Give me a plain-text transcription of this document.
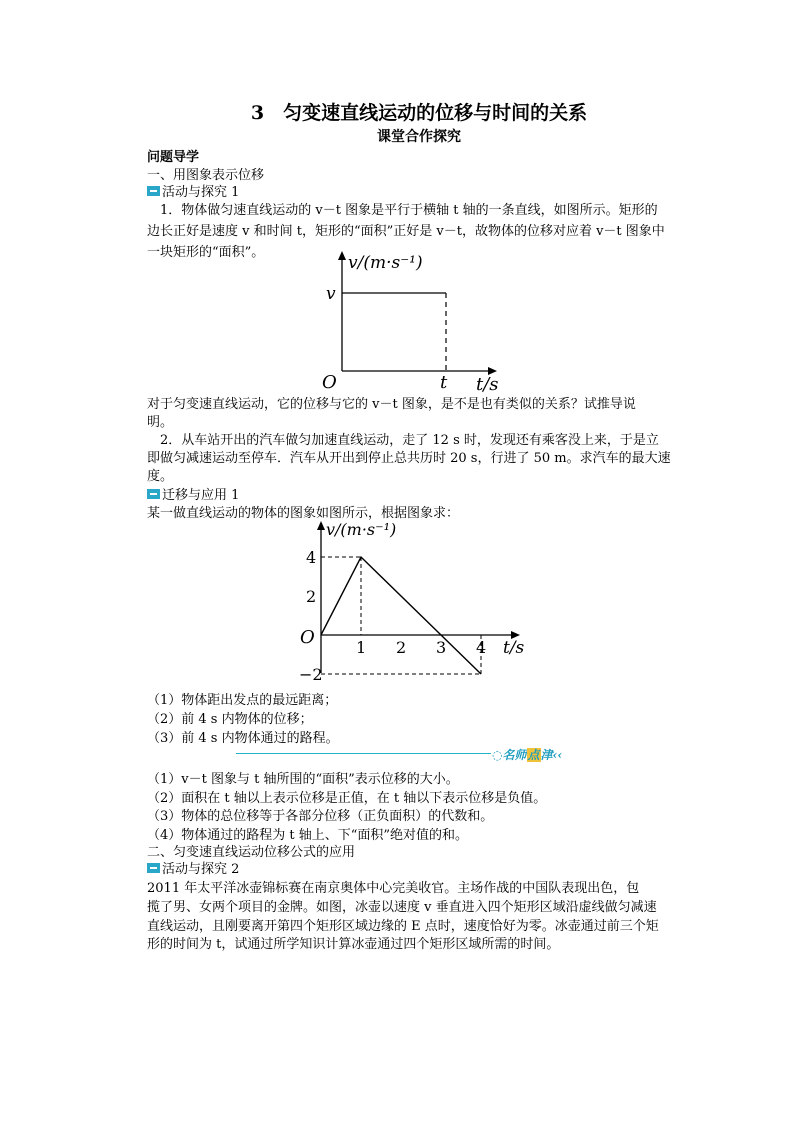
3　匀变速直线运动的位移与时间的关系
课堂合作探究
问题导学
一、用图象表示位移
活动与探究 1
1．物体做匀速直线运动的 v－t 图象是平行于横轴 t 轴的一条直线，如图所示。矩形的
边长正好是速度 v 和时间 t，矩形的“面积”正好是 v－t，故物体的位移对应着 v－t 图象中
一块矩形的“面积”。
v/(m·s⁻¹)
v
O	t t/s
对于匀变速直线运动，它的位移与它的 v－t 图象，是不是也有类似的关系？试推导说
明。
2．从车站开出的汽车做匀加速直线运动，走了 12 s 时，发现还有乘客没上来，于是立
即做匀减速运动至停车．汽车从开出到停止总共历时 20 s，行进了 50 m。求汽车的最大速
度。
迁移与应用 1
某一做直线运动的物体的图象如图所示，根据图象求：
v/(m·s⁻¹)
t/s
O	1 2 3 4
4
2
−2
（1）物体距出发点的最远距离；
（2）前 4 s 内物体的位移；
（3）前 4 s 内物体通过的路程。
◌名师点津‹‹
（1）v－t 图象与 t 轴所围的“面积”表示位移的大小。
（2）面积在 t 轴以上表示位移是正值，在 t 轴以下表示位移是负值。
（3）物体的总位移等于各部分位移（正负面积）的代数和。
（4）物体通过的路程为 t 轴上、下“面积”绝对值的和。
二、匀变速直线运动位移公式的应用
活动与探究 2
2011 年太平洋冰壶锦标赛在南京奥体中心完美收官。主场作战的中国队表现出色，包
揽了男、女两个项目的金牌。如图，冰壶以速度 v 垂直进入四个矩形区域沿虚线做匀减速
直线运动，且刚要离开第四个矩形区域边缘的 E 点时，速度恰好为零。冰壶通过前三个矩
形的时间为 t，试通过所学知识计算冰壶通过四个矩形区域所需的时间。
